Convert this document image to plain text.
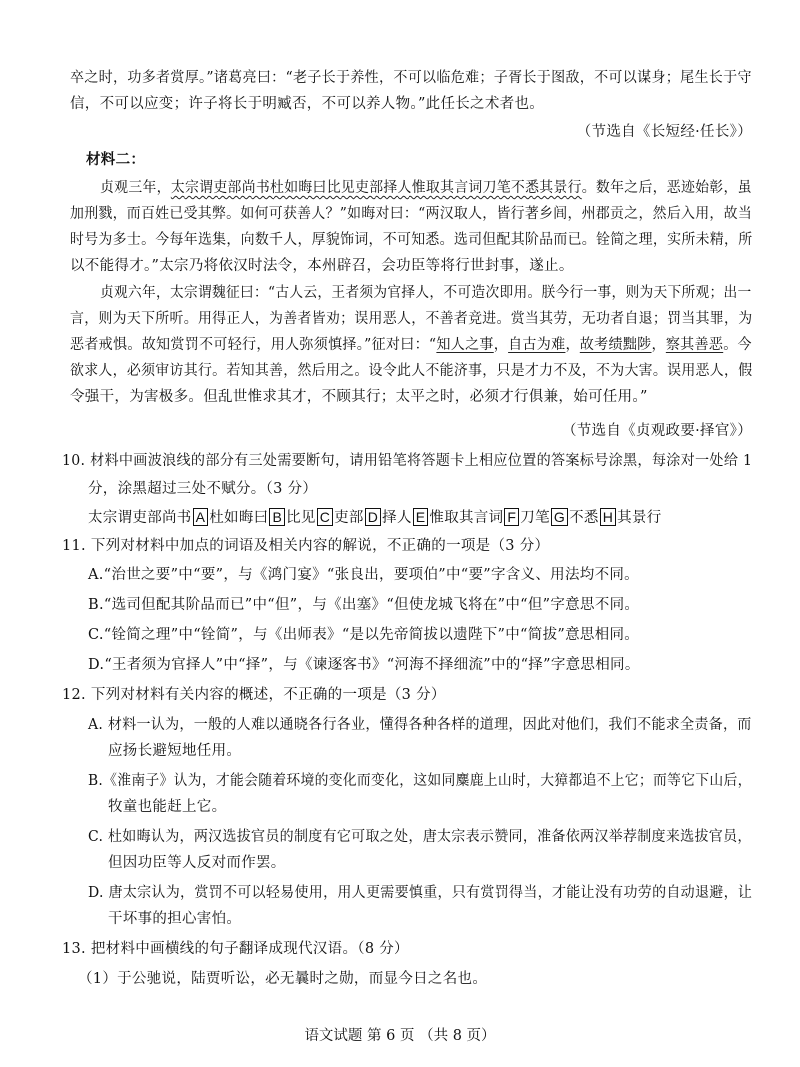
卒之时，功多者赏厚。”诸葛亮曰：“老子长于养性，不可以临危难；子胥长于图敌，不可以谋身；尾生长于守
信，不可以应变；许子将长于明臧否，不可以养人物。”此任长之术者也。
（节选自《长短经·任长》）
材料二：
贞观三年，太宗谓吏部尚书杜如晦曰比见吏部择人惟取其言词刀笔不悉其景行。数年之后，恶迹始彰，虽
加刑戮，而百姓已受其弊。如何可获善人？”如晦对曰：“两汉取人，皆行著乡闾，州郡贡之，然后入用，故当
时号为多士。今每年选集，向数千人，厚貌饰词，不可知悉。选司但配其阶品而已。铨简之理，实所未精，所
以不能得才。”太宗乃将依汉时法令，本州辟召，会功臣等将行世封事，遂止。
贞观六年，太宗谓魏征曰：“古人云，王者须为官择人，不可造次即用。朕今行一事，则为天下所观；出一
言，则为天下所听。用得正人，为善者皆劝；误用恶人，不善者竞进。赏当其劳，无功者自退；罚当其罪，为
恶者戒惧。故知赏罚不可轻行，用人弥须慎择。”征对曰：“知人之事，自古为难，故考绩黜陟，察其善恶。今
欲求人，必须审访其行。若知其善，然后用之。设令此人不能济事，只是才力不及，不为大害。误用恶人，假
令强干，为害极多。但乱世惟求其才，不顾其行；太平之时，必须才行俱兼，始可任用。”
（节选自《贞观政要·择官》）
10. 材料中画波浪线的部分有三处需要断句，请用铅笔将答题卡上相应位置的答案标号涂黑，每涂对一处给 1
分，涂黑超过三处不赋分。（3 分）
太宗谓吏部尚书 A 杜如晦曰 B 比见 C 吏部 D 择人 E 惟取其言词 F 刀笔 G 不悉 H 其景行
11. 下列对材料中加点的词语及相关内容的解说，不正确的一项是（3 分）
A.“治世之要”中“要”，与《鸿门宴》“张良出，要项伯”中“要”字含义、用法均不同。
B.“选司但配其阶品而已”中“但”，与《出塞》“但使龙城飞将在”中“但”字意思不同。
C.“铨简之理”中“铨简”，与《出师表》“是以先帝简拔以遗陛下”中“简拔”意思相同。
D.“王者须为官择人”中“择”，与《谏逐客书》“河海不择细流”中的“择”字意思相同。
12. 下列对材料有关内容的概述，不正确的一项是（3 分）
A. 材料一认为，一般的人难以通晓各行各业，懂得各种各样的道理，因此对他们，我们不能求全责备，而
应扬长避短地任用。
B.《淮南子》认为，才能会随着环境的变化而变化，这如同麋鹿上山时，大獐都追不上它；而等它下山后，
牧童也能赶上它。
C. 杜如晦认为，两汉选拔官员的制度有它可取之处，唐太宗表示赞同，准备依两汉举荐制度来选拔官员，
但因功臣等人反对而作罢。
D. 唐太宗认为，赏罚不可以轻易使用，用人更需要慎重，只有赏罚得当，才能让没有功劳的自动退避，让
干坏事的担心害怕。
13. 把材料中画横线的句子翻译成现代汉语。（8 分）
（1）于公驰说，陆贾听讼，必无曩时之勋，而显今日之名也。
语文试题 第 6 页 （共 8 页）
